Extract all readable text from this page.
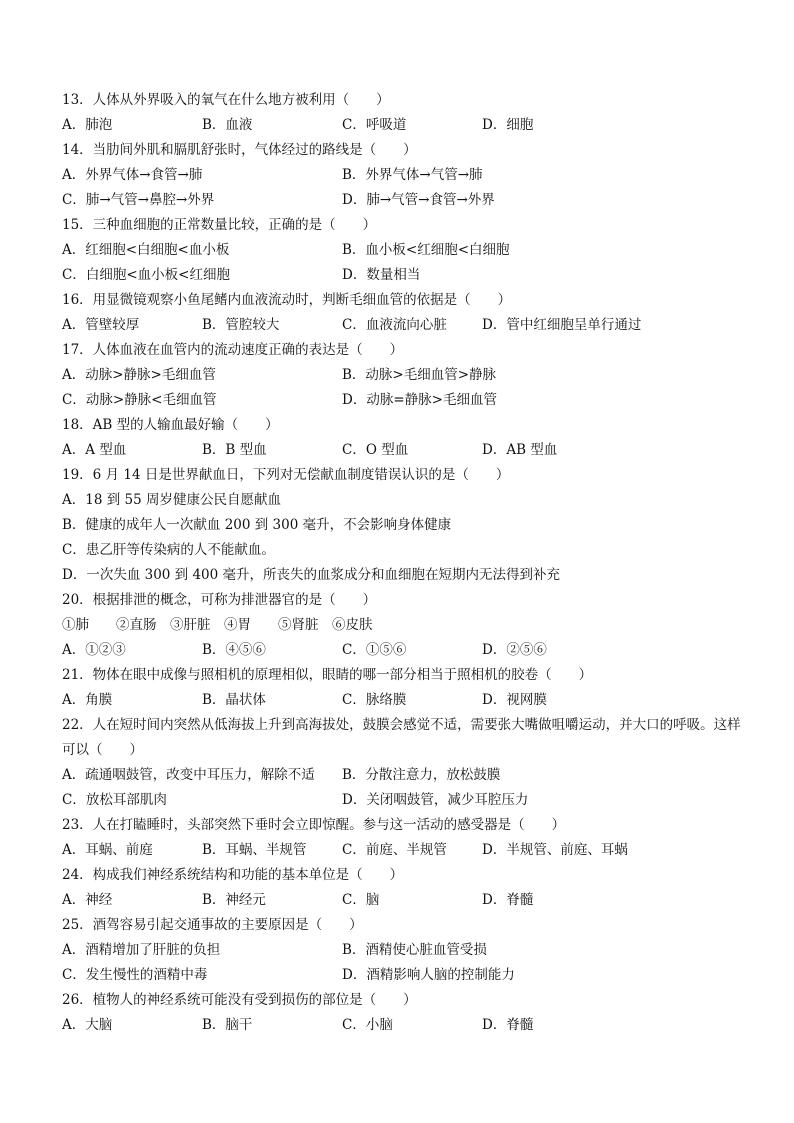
13．人体从外界吸入的氧气在什么地方被利用（　　）

A．肺泡	B．血液	C．呼吸道	D．细胞

14．当肋间外肌和膈肌舒张时，气体经过的路线是（　　）

A．外界气体→食管→肺	B．外界气体→气管→肺
C．肺→气管→鼻腔→外界	D．肺→气管→食管→外界

15．三种血细胞的正常数量比较，正确的是（　　）

A．红细胞<白细胞<血小板	B．血小板<红细胞<白细胞
C．白细胞<血小板<红细胞	D．数量相当

16．用显微镜观察小鱼尾鳍内血液流动时，判断毛细血管的依据是（　　）

A．管壁较厚	B．管腔较大	C．血液流向心脏	D．管中红细胞呈单行通过

17．人体血液在血管内的流动速度正确的表达是（　　）

A．动脉>静脉>毛细血管	B．动脉>毛细血管>静脉
C．动脉>静脉<毛细血管	D．动脉=静脉>毛细血管

18．AB 型的人输血最好输（　　）

A．A 型血	B．B 型血	C．O 型血	D．AB 型血

19．6 月 14 日是世界献血日，下列对无偿献血制度错误认识的是（　　）

A．18 到 55 周岁健康公民自愿献血
B．健康的成年人一次献血 200 到 300 毫升，不会影响身体健康
C．患乙肝等传染病的人不能献血。
D．一次失血 300 到 400 毫升，所丧失的血浆成分和血细胞在短期内无法得到补充

20．根据排泄的概念，可称为排泄器官的是（　　）

①肺　　②直肠　③肝脏　④胃　　⑤肾脏　⑥皮肤

A．①②③	B．④⑤⑥	C．①⑤⑥	D．②⑤⑥

21．物体在眼中成像与照相机的原理相似，眼睛的哪一部分相当于照相机的胶卷（　　）

A．角膜	B．晶状体	C．脉络膜	D．视网膜

22．人在短时间内突然从低海拔上升到高海拔处，鼓膜会感觉不适，需要张大嘴做咀嚼运动，并大口的呼吸。这样可以（　　）

A．疏通咽鼓管，改变中耳压力，解除不适	B．分散注意力，放松鼓膜
C．放松耳部肌肉	D．关闭咽鼓管，减少耳腔压力

23．人在打瞌睡时，头部突然下垂时会立即惊醒。参与这一活动的感受器是（　　）

A．耳蜗、前庭	B．耳蜗、半规管	C．前庭、半规管	D．半规管、前庭、耳蜗

24．构成我们神经系统结构和功能的基本单位是（　　）

A．神经	B．神经元	C．脑	D．脊髓

25．酒驾容易引起交通事故的主要原因是（　　）

A．酒精增加了肝脏的负担	B．酒精使心脏血管受损
C．发生慢性的酒精中毒	D．酒精影响人脑的控制能力

26．植物人的神经系统可能没有受到损伤的部位是（　　）

A．大脑	B．脑干	C．小脑	D．脊髓
